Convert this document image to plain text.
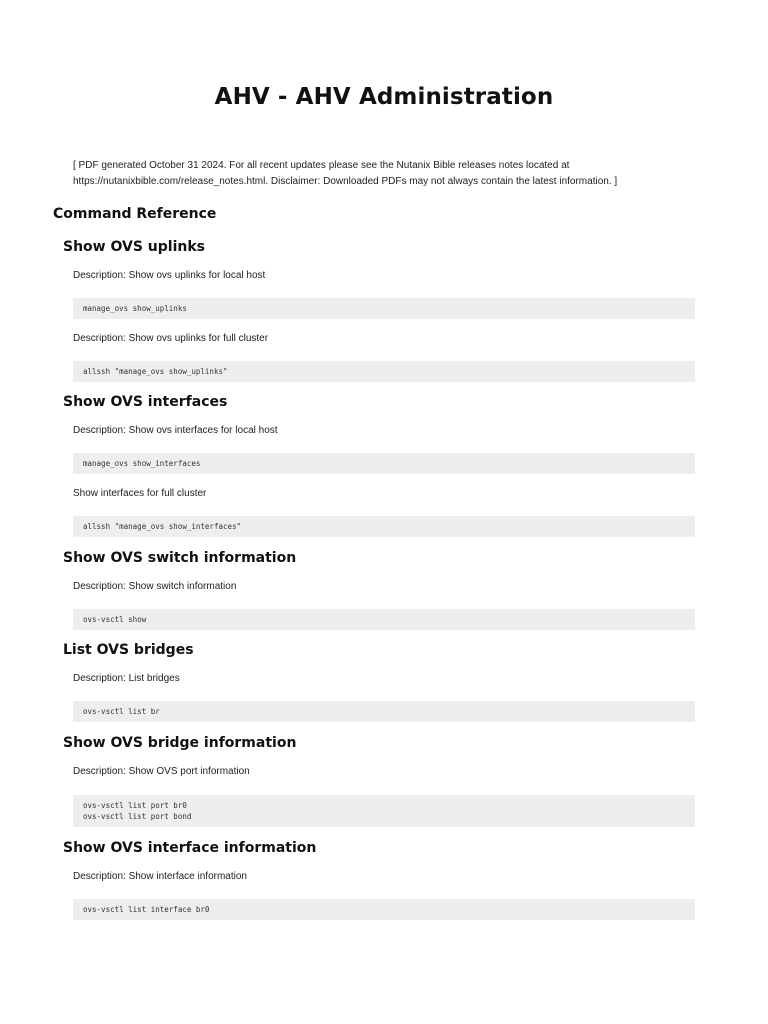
AHV - AHV Administration

[ PDF generated October 31 2024. For all recent updates please see the Nutanix Bible releases notes located at https://nutanixbible.com/release_notes.html. Disclaimer: Downloaded PDFs may not always contain the latest information. ]

Command Reference
Show OVS uplinks

Description: Show ovs uplinks for local host

manage_ovs show_uplinks

Description: Show ovs uplinks for full cluster

allssh "manage_ovs show_uplinks"
Show OVS interfaces

Description: Show ovs interfaces for local host

manage_ovs show_interfaces

Show interfaces for full cluster

allssh "manage_ovs show_interfaces"
Show OVS switch information

Description: Show switch information

ovs-vsctl show
List OVS bridges

Description: List bridges

ovs-vsctl list br
Show OVS bridge information

Description: Show OVS port information

ovs-vsctl list port br0
ovs-vsctl list port bond
Show OVS interface information

Description: Show interface information

ovs-vsctl list interface br0
